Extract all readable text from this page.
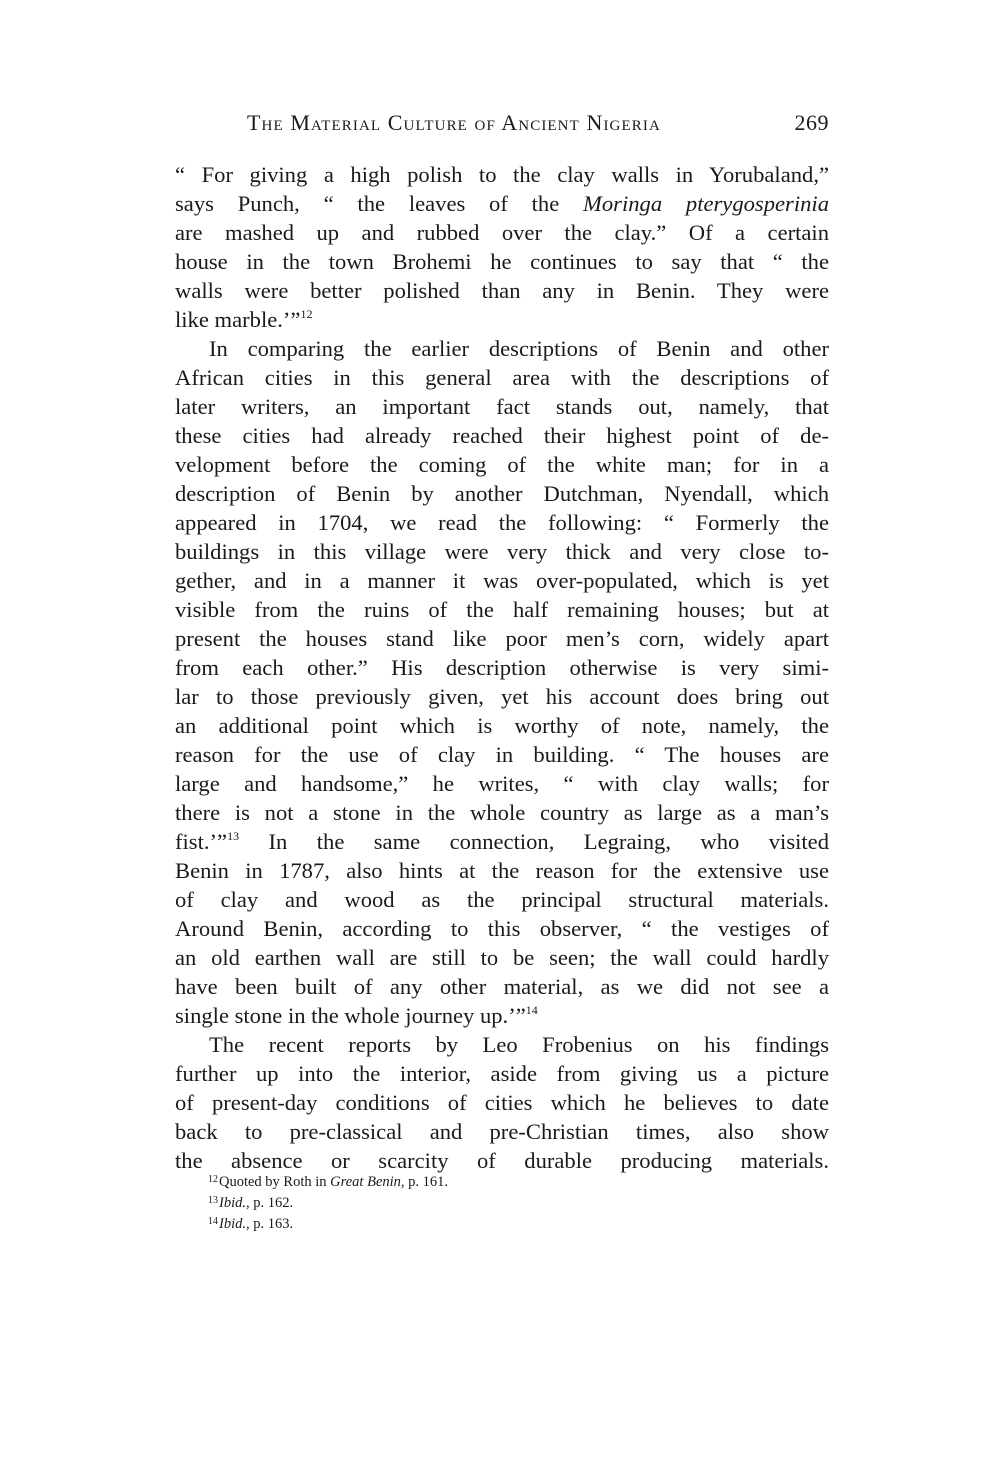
The Material Culture of Ancient Nigeria	269
“ For giving a high polish to the clay walls in Yorubaland,”
says Punch, “ the leaves of the Moringa pterygosperinia
are mashed up and rubbed over the clay.” Of a certain
house in the town Brohemi he continues to say that “ the
walls were better polished than any in Benin. They were
like marble.’”$^{12}$
In comparing the earlier descriptions of Benin and other
African cities in this general area with the descriptions of
later writers, an important fact stands out, namely, that
these cities had already reached their highest point of de-
velopment before the coming of the white man; for in a
description of Benin by another Dutchman, Nyendall, which
appeared in 1704, we read the following: “ Formerly the
buildings in this village were very thick and very close to-
gether, and in a manner it was over-populated, which is yet
visible from the ruins of the half remaining houses; but at
present the houses stand like poor men’s corn, widely apart
from each other.” His description otherwise is very simi-
lar to those previously given, yet his account does bring out
an additional point which is worthy of note, namely, the
reason for the use of clay in building. “ The houses are
large and handsome,” he writes, “ with clay walls; for
there is not a stone in the whole country as large as a man’s
fist.’”$^{13}$ In the same connection, Legraing, who visited
Benin in 1787, also hints at the reason for the extensive use
of clay and wood as the principal structural materials.
Around Benin, according to this observer, “ the vestiges of
an old earthen wall are still to be seen; the wall could hardly
have been built of any other material, as we did not see a
single stone in the whole journey up.’”$^{14}$
The recent reports by Leo Frobenius on his findings
further up into the interior, aside from giving us a picture
of present-day conditions of cities which he believes to date
back to pre-classical and pre-Christian times, also show
the absence or scarcity of durable producing materials.
$^{12}$Quoted by Roth in Great Benin, p. 161.
$^{13}$Ibid., p. 162.
$^{14}$Ibid., p. 163.
